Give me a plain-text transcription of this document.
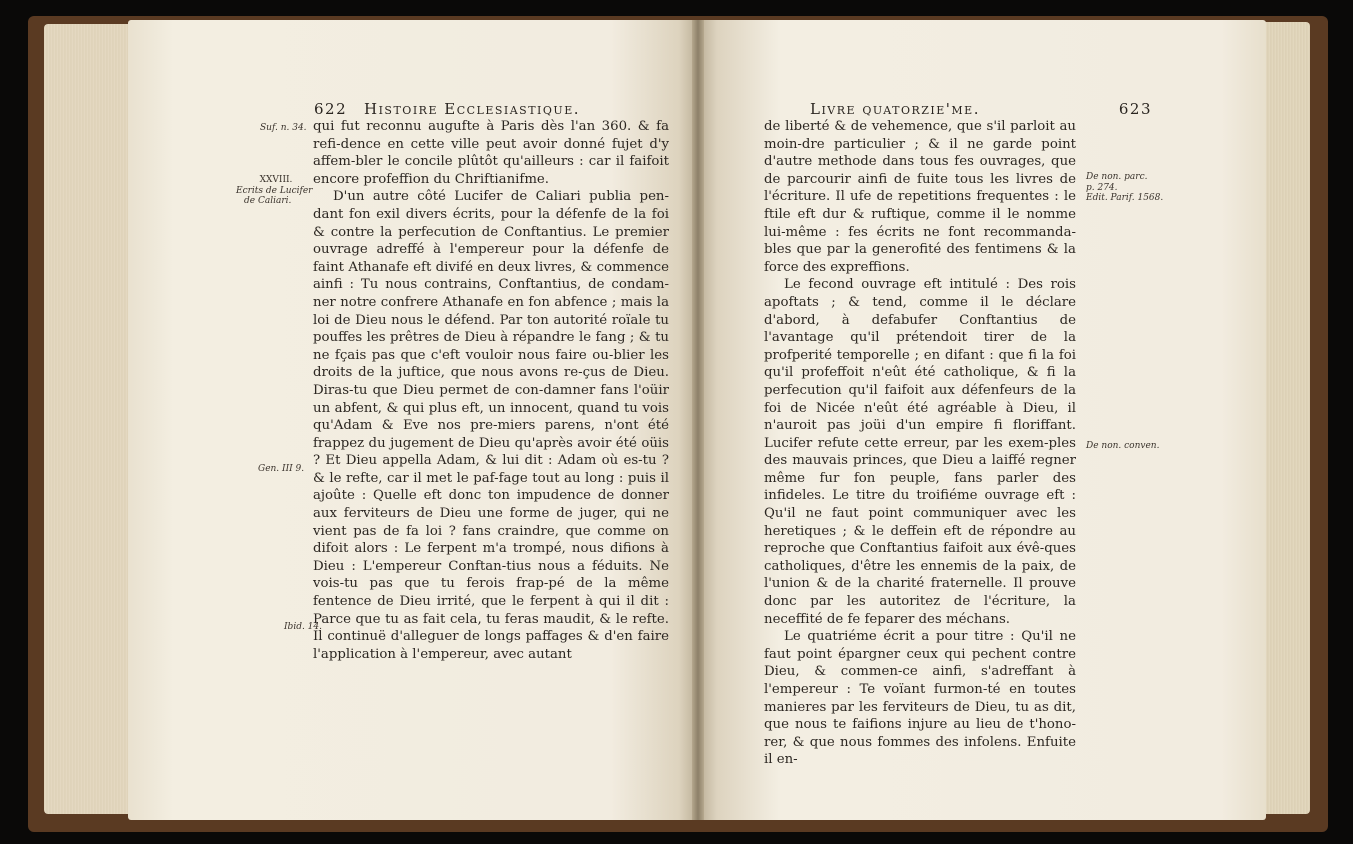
622 Histoire Ecclesiastique.
Suf. n. 34.
XXVIII.
Ecrits de Lucifer
de Caliari.
Gen. III 9.
Ibid. 14.

qui fut reconnu augufte à Paris dès l'an 360. & fa refi-dence en cette ville peut avoir donné fujet d'y affem-bler le concile plûtôt qu'ailleurs : car il faifoit encore profeffion du Chriftianifme.

D'un autre côté Lucifer de Caliari publia pen-dant fon exil divers écrits, pour la défenfe de la foi & contre la perfecution de Conftantius. Le premier ouvrage adreffé à l'empereur pour la défenfe de faint Athanafe eft divifé en deux livres, & commence ainfi : Tu nous contrains, Conftantius, de condam-ner notre confrere Athanafe en fon abfence ; mais la loi de Dieu nous le défend. Par ton autorité roïale tu pouffes les prêtres de Dieu à répandre le fang ; & tu ne fçais pas que c'eft vouloir nous faire ou-blier les droits de la juftice, que nous avons re-çus de Dieu. Diras-tu que Dieu permet de con-damner fans l'oüir un abfent, & qui plus eft, un innocent, quand tu vois qu'Adam & Eve nos pre-miers parens, n'ont été frappez du jugement de Dieu qu'après avoir été oüis ? Et Dieu appella Adam, & lui dit : Adam où es-tu ? & le refte, car il met le paf-fage tout au long : puis il ajoûte : Quelle eft donc ton impudence de donner aux ferviteurs de Dieu une forme de juger, qui ne vient pas de fa loi ? fans craindre, que comme on difoit alors : Le ferpent m'a trompé, nous difions à Dieu : L'empereur Conftan-tius nous a féduits. Ne vois-tu pas que tu ferois frap-pé de la même fentence de Dieu irrité, que le ferpent à qui il dit : Parce que tu as fait cela, tu feras maudit, & le refte. Il continuë d'alleguer de longs paffages & d'en faire l'application à l'empereur, avec autant

Livre quatorzie'me.	623
De non. parc.
p. 274.
Edit. Parif. 1568.
De non. conven.

de liberté & de vehemence, que s'il parloit au moin-dre particulier ; & il ne garde point d'autre methode dans tous fes ouvrages, que de parcourir ainfi de fuite tous les livres de l'écriture. Il ufe de repetitions frequentes : le ftile eft dur & ruftique, comme il le nomme lui-même : fes écrits ne font recommanda-bles que par la generofité des fentimens & la force des expreffions.

Le fecond ouvrage eft intitulé : Des rois apoftats ; & tend, comme il le déclare d'abord, à defabufer Conftantius de l'avantage qu'il prétendoit tirer de la profperité temporelle ; en difant : que fi la foi qu'il profeffoit n'eût été catholique, & fi la perfecution qu'il faifoit aux défenfeurs de la foi de Nicée n'eût été agréable à Dieu, il n'auroit pas joüi d'un empire fi floriffant. Lucifer refute cette erreur, par les exem-ples des mauvais princes, que Dieu a laiffé regner même fur fon peuple, fans parler des infideles. Le titre du troifiéme ouvrage eft : Qu'il ne faut point communiquer avec les heretiques ; & le deffein eft de répondre au reproche que Conftantius faifoit aux évê-ques catholiques, d'être les ennemis de la paix, de l'union & de la charité fraternelle. Il prouve donc par les autoritez de l'écriture, la neceffité de fe feparer des méchans.

Le quatriéme écrit a pour titre : Qu'il ne faut point épargner ceux qui pechent contre Dieu, & commen-ce ainfi, s'adreffant à l'empereur : Te voïant furmon-té en toutes manieres par les ferviteurs de Dieu, tu as dit, que nous te faifions injure au lieu de t'hono-rer, & que nous fommes des infolens. Enfuite il en-
